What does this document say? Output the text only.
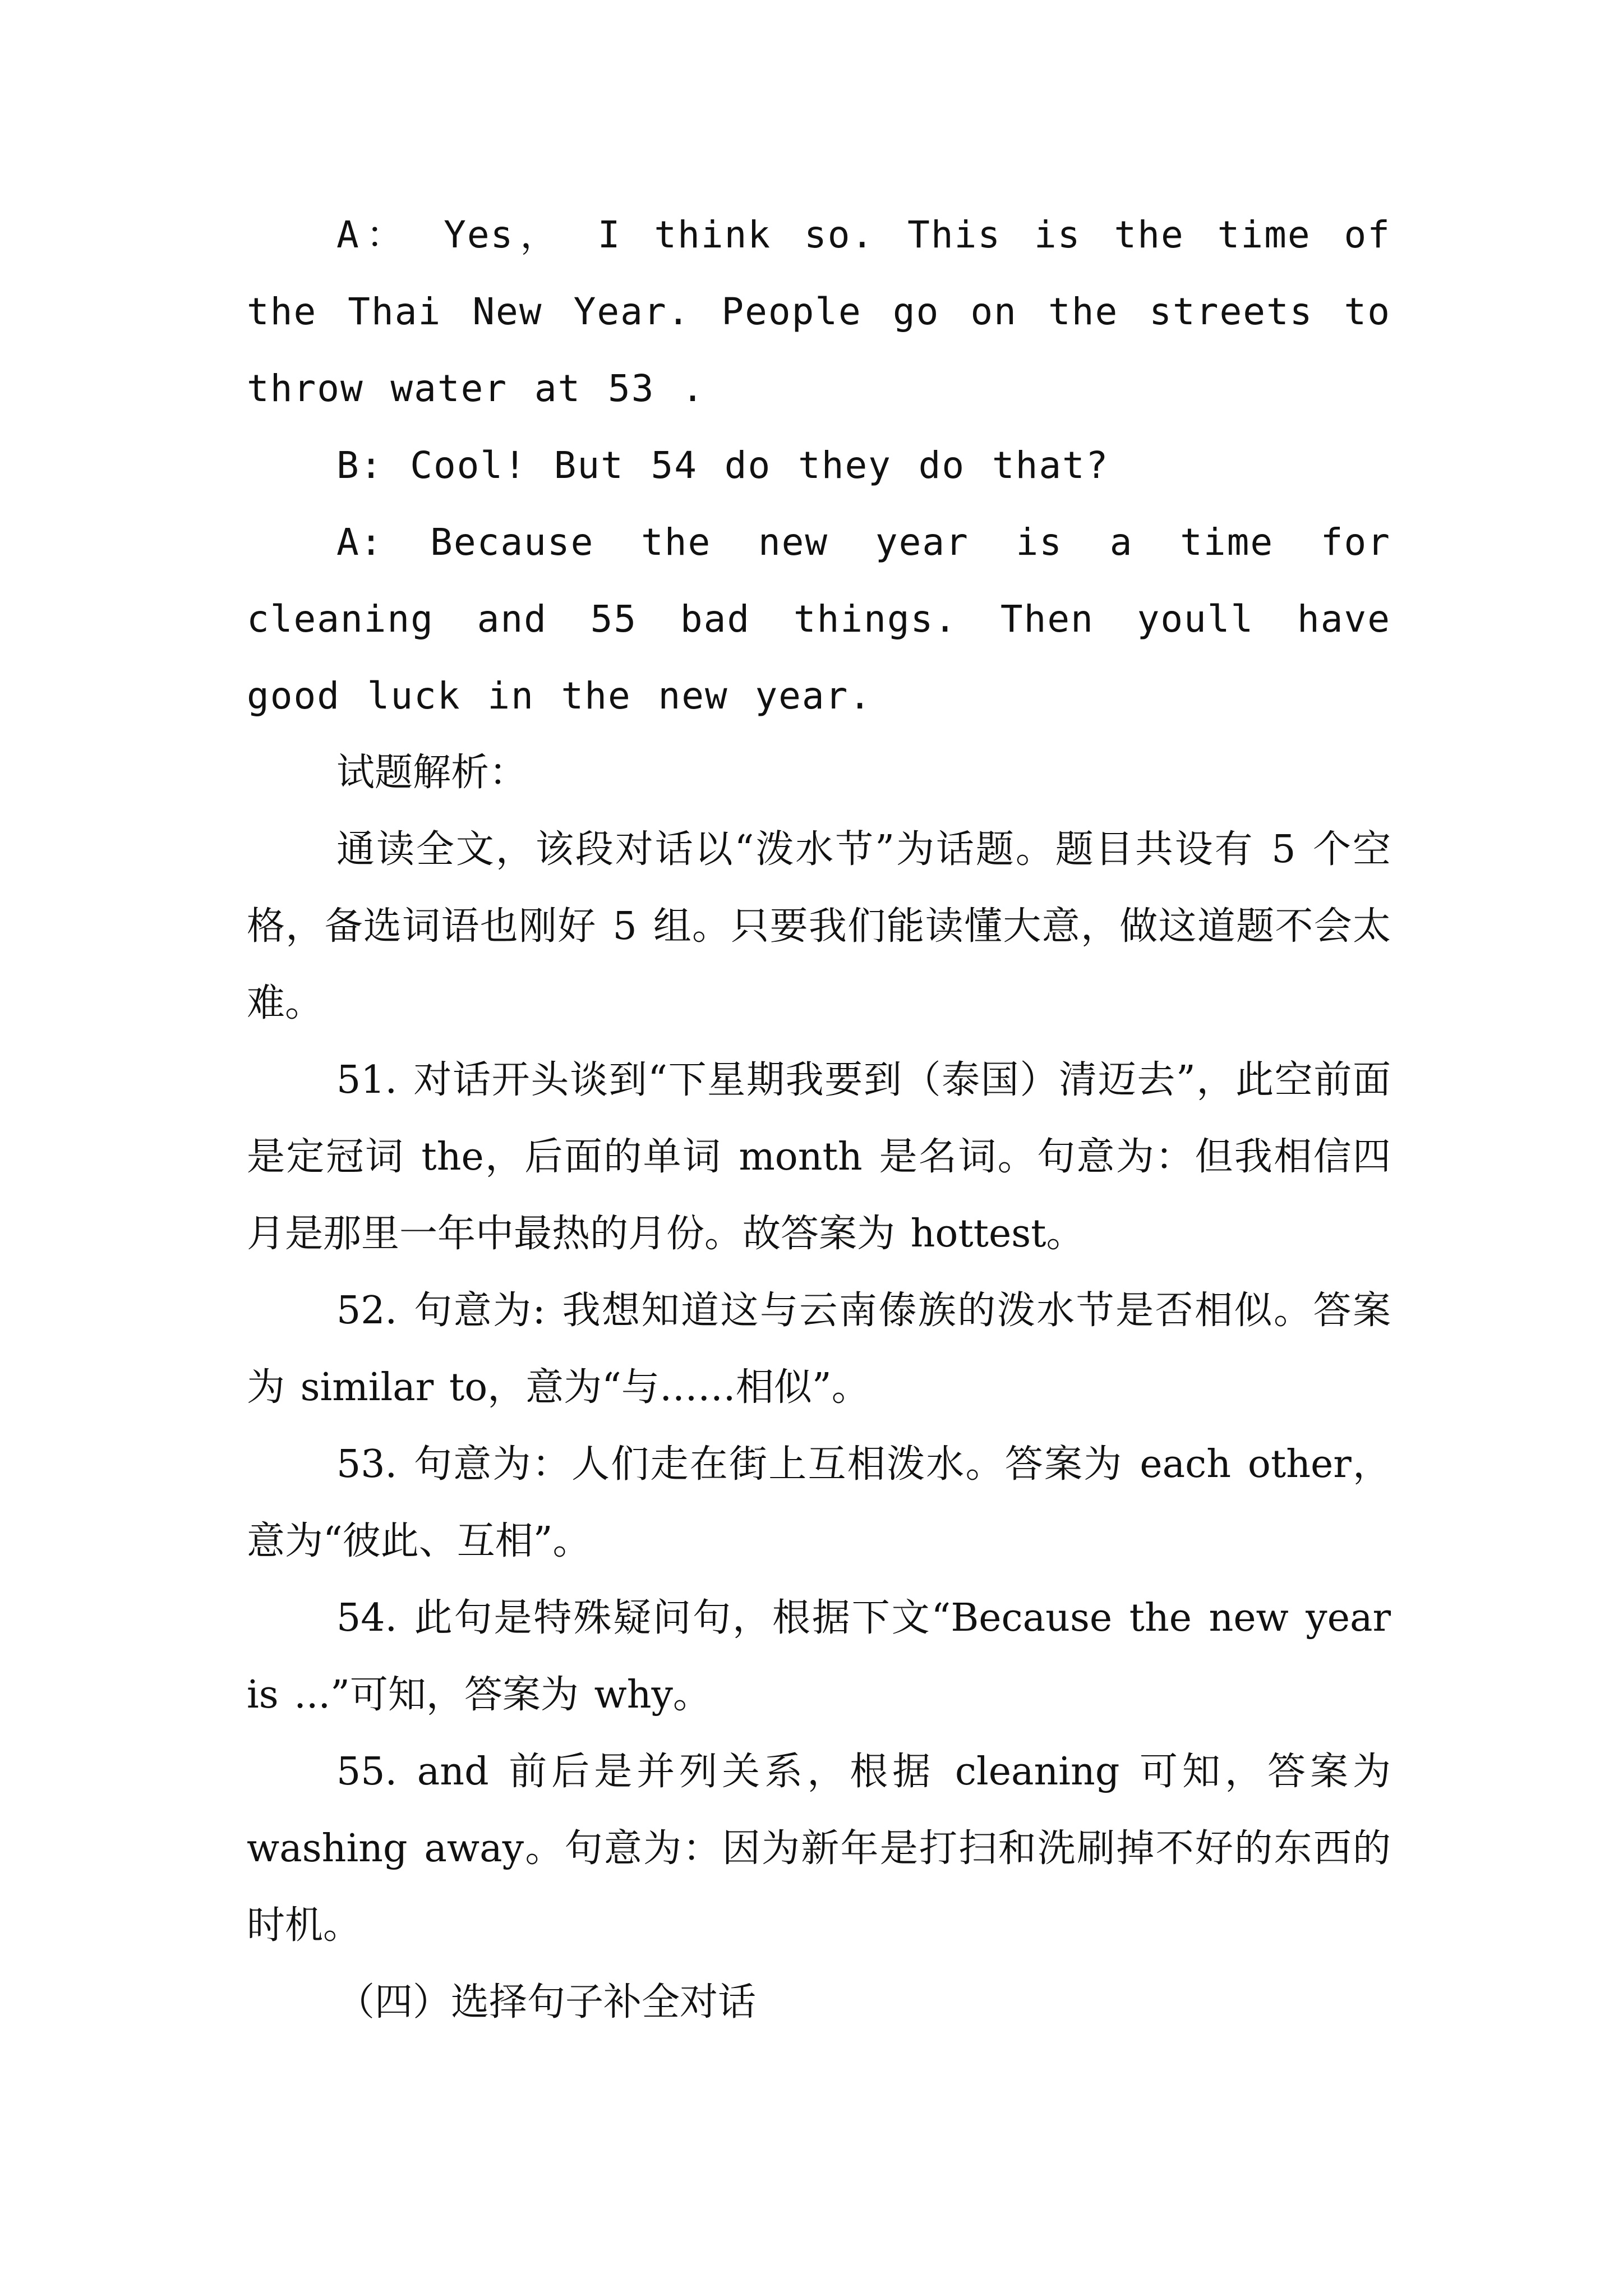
A： Yes， I think so. This is the time of the Thai New Year. People go on the streets to throw water at 53 .

B: Cool! But 54 do they do that?

A: Because the new year is a time for cleaning and 55 bad things. Then youll have good luck in the new year.

试题解析：

通读全文，该段对话以“泼水节”为话题。题目共设有 5 个空格，备选词语也刚好 5 组。只要我们能读懂大意，做这道题不会太难。

51. 对话开头谈到“下星期我要到（泰国）清迈去”，此空前面是定冠词 the，后面的单词 month 是名词。句意为：但我相信四月是那里一年中最热的月份。故答案为 hottest。

52. 句意为: 我想知道这与云南傣族的泼水节是否相似。答案为 similar to，意为“与……相似”。

53. 句意为：人们走在街上互相泼水。答案为 each other，意为“彼此、互相”。

54. 此句是特殊疑问句，根据下文“Because the new year is ...”可知，答案为 why。

55. and 前后是并列关系，根据 cleaning 可知，答案为 washing away。句意为：因为新年是打扫和洗刷掉不好的东西的时机。

（四）选择句子补全对话
